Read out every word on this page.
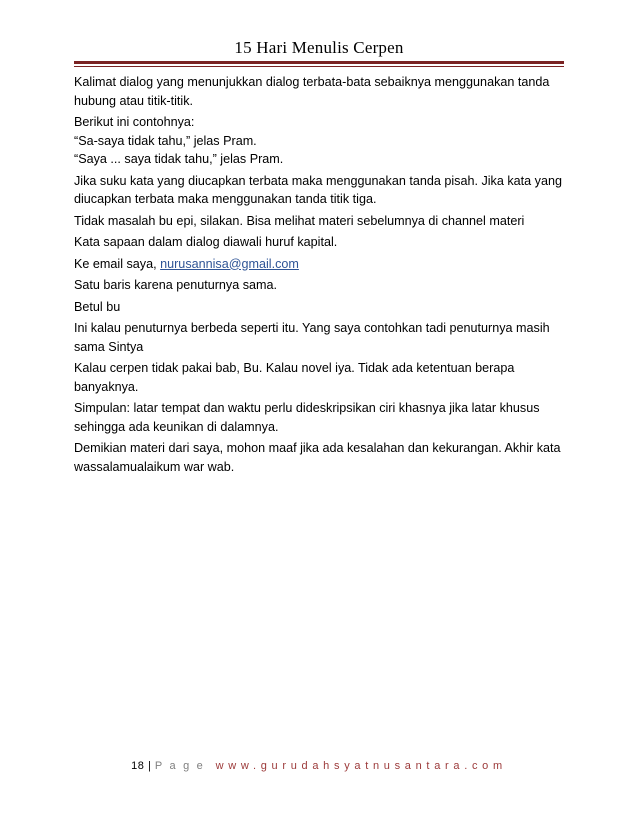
15 Hari Menulis Cerpen

Kalimat dialog yang menunjukkan dialog terbata-bata sebaiknya menggunakan tanda
hubung atau titik-titik.

Berikut ini contohnya:
“Sa-saya tidak tahu,” jelas Pram.
“Saya ... saya tidak tahu,” jelas Pram.

Jika suku kata yang diucapkan terbata maka menggunakan tanda pisah. Jika kata yang
diucapkan terbata maka menggunakan tanda titik tiga.

Tidak masalah bu epi, silakan. Bisa melihat materi sebelumnya di channel materi

Kata sapaan dalam dialog diawali huruf kapital.

Ke email saya, nurusannisa@gmail.com

Satu baris karena penuturnya sama.

Betul bu

Ini kalau penuturnya berbeda seperti itu. Yang saya contohkan tadi penuturnya masih
sama Sintya

Kalau cerpen tidak pakai bab, Bu. Kalau novel iya. Tidak ada ketentuan berapa
banyaknya.

Simpulan: latar tempat dan waktu perlu dideskripsikan ciri khasnya jika latar khusus
sehingga ada keunikan di dalamnya.

Demikian materi dari saya, mohon maaf jika ada kesalahan dan kekurangan. Akhir kata
wassalamualaikum war wab.

18 | P a g e www.gurudahsyatnusantara.com
